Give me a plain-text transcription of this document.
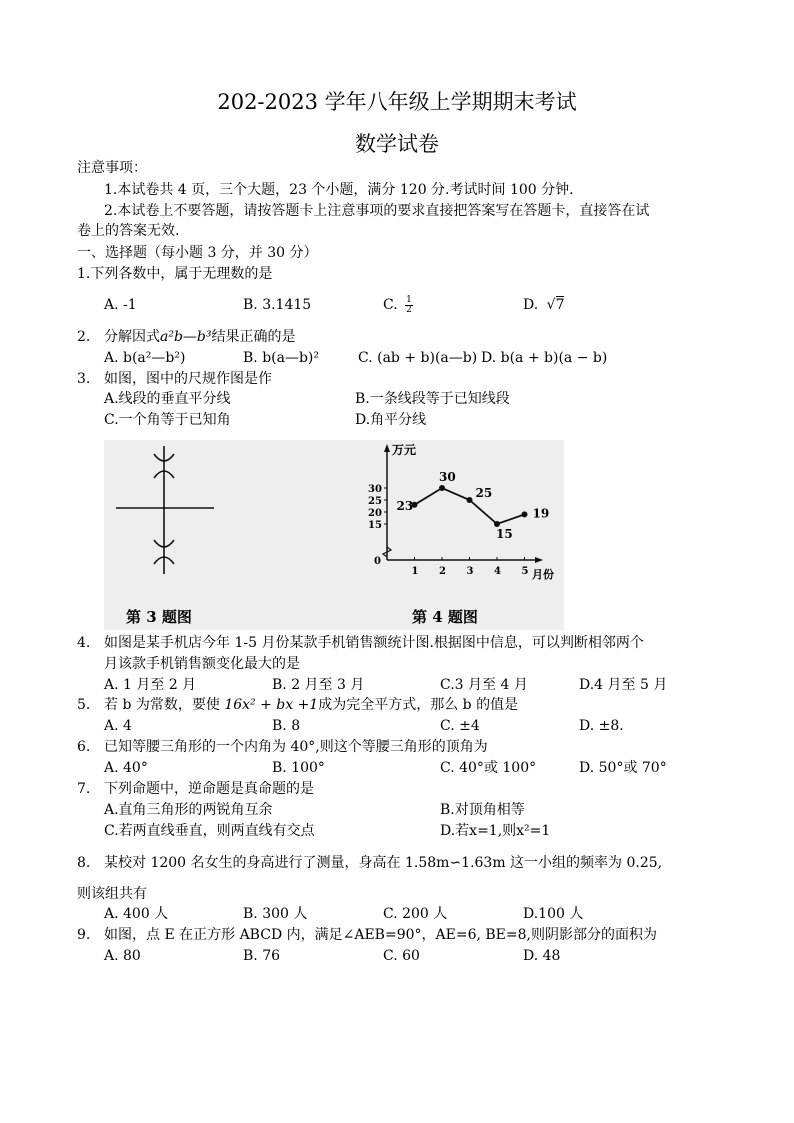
202-2023 学年八年级上学期期末考试
数学试卷
注意事项：
1.本试卷共 4 页，三个大题，23 个小题，满分 120 分.考试时间 100 分钟.
2.本试卷上不要答题，请按答题卡上注意事项的要求直接把答案写在答题卡，直接答在试
卷上的答案无效.
一、选择题（每小题 3 分，并 30 分）
1.下列各数中，属于无理数的是
A. -1	B. 3.1415	C. $\frac{1}{2}$	D. √7
2. 分解因式a²b—b³结果正确的是
A. b(a²—b²)	B. b(a—b)²	C. (ab + b)(a—b) D. b(a + b)(a − b)
3. 如图，图中的尺规作图是作
A.线段的垂直平分线	B.一条线段等于已知线段
C.一个角等于已知角	D.角平分线
第 3 题图
万元
月份
0
15
20
25
30
1 2 3 4 5
23
30
25
15
19
第 4 题图
4. 如图是某手机店今年 1-5 月份某款手机销售额统计图.根据图中信息，可以判断相邻两个
月该款手机销售额变化最大的是
A. 1 月至 2 月	B. 2 月至 3 月	C.3 月至 4 月	D.4 月至 5 月
5. 若 b 为常数，要使 16x² + bx +1成为完全平方式，那么 b 的值是
A. 4	B. 8	C. ±4	D. ±8.
6. 已知等腰三角形的一个内角为 40°,则这个等腰三角形的顶角为
A. 40°	B. 100°	C. 40°或 100°	D. 50°或 70°
7. 下列命题中，逆命题是真命题的是
A.直角三角形的两锐角互余	B.对顶角相等
C.若两直线垂直，则两直线有交点	D.若x=1,则x²=1
8. 某校对 1200 名女生的身高进行了测量，身高在 1.58m∽1.63m 这一小组的频率为 0.25,
则该组共有
A. 400 人	B. 300 人	C. 200 人	D.100 人
9. 如图，点 E 在正方形 ABCD 内，满足∠AEB=90°，AE=6, BE=8,则阴影部分的面积为
A. 80	B. 76	C. 60	D. 48
